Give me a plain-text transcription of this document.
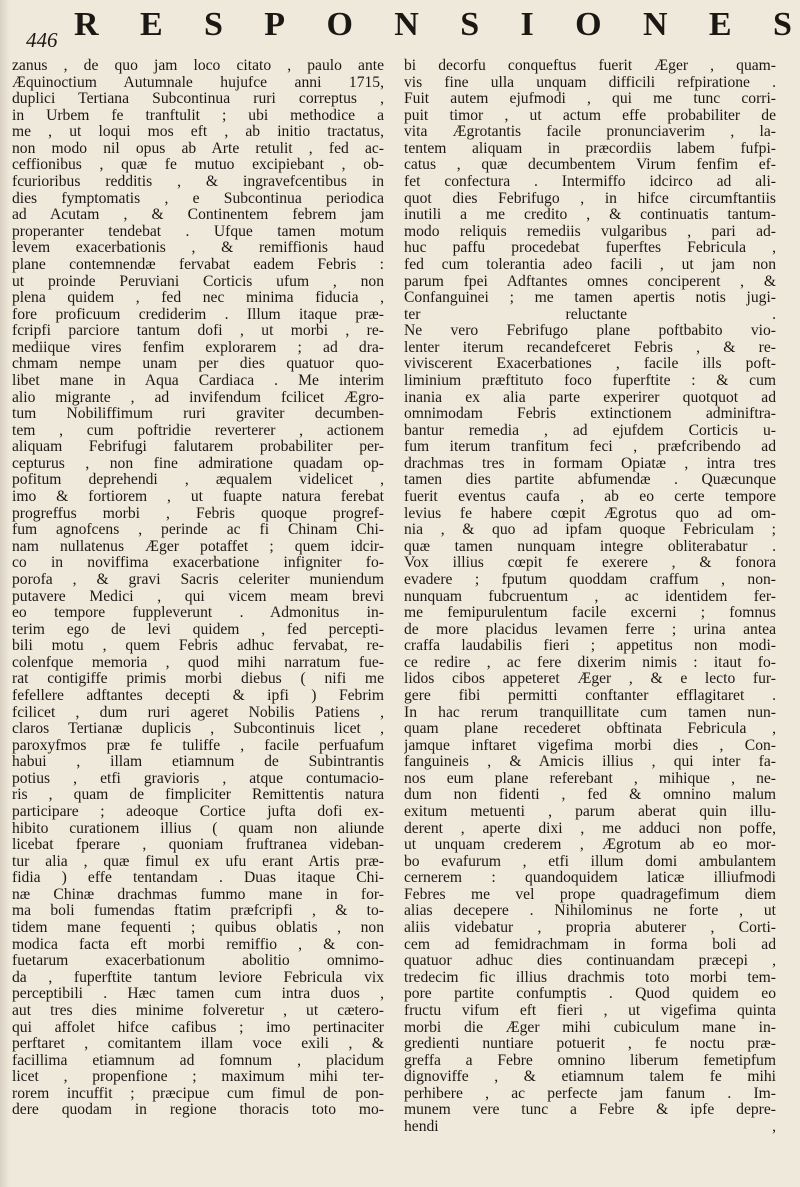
446 R E S P O N S I O N E S
zanus , de quo jam loco citato , paulo ante
Æquinoctium Autumnale hujufce anni 1715,
duplici Tertiana Subcontinua ruri correptus ,
in Urbem fe tranftulit ; ubi methodice a
me , ut loqui mos eft , ab initio tractatus,
non modo nil opus ab Arte retulit , fed ac-
ceffionibus , quæ fe mutuo excipiebant , ob-
fcurioribus redditis , & ingravefcentibus in
dies fymptomatis , e Subcontinua periodica
ad Acutam , & Continentem febrem jam
properanter tendebat . Ufque tamen motum
levem exacerbationis , & remiffionis haud
plane contemnendæ fervabat eadem Febris :
ut proinde Peruviani Corticis ufum , non
plena quidem , fed nec minima fiducia ,
fore proficuum crediderim . Illum itaque præ-
fcripfi parciore tantum dofi , ut morbi , re-
mediique vires fenfim explorarem ; ad dra-
chmam nempe unam per dies quatuor quo-
libet mane in Aqua Cardiaca . Me interim
alio migrante , ad invifendum fcilicet Ægro-
tum Nobiliffimum ruri graviter decumben-
tem , cum poftridie reverterer , actionem
aliquam Febrifugi falutarem probabiliter per-
cepturus , non fine admiratione quadam op-
pofitum deprehendi , æqualem videlicet ,
imo & fortiorem , ut fuapte natura ferebat
progreffus morbi , Febris quoque progref-
fum agnofcens , perinde ac fi Chinam Chi-
nam nullatenus Æger potaffet ; quem idcir-
co in noviffima exacerbatione infigniter fo-
porofa , & gravi Sacris celeriter muniendum
putavere Medici , qui vicem meam brevi
eo tempore fuppleverunt . Admonitus in-
terim ego de levi quidem , fed percepti-
bili motu , quem Febris adhuc fervabat, re-
colenfque memoria , quod mihi narratum fue-
rat contigiffe primis morbi diebus ( nifi me
fefellere adftantes decepti & ipfi ) Febrim
fcilicet , dum ruri ageret Nobilis Patiens ,
claros Tertianæ duplicis , Subcontinuis licet ,
paroxyfmos præ fe tuliffe , facile perfuafum
habui , illam etiamnum de Subintrantis
potius , etfi gravioris , atque contumacio-
ris , quam de fimpliciter Remittentis natura
participare ; adeoque Cortice jufta dofi ex-
hibito curationem illius ( quam non aliunde
licebat fperare , quoniam fruftranea videban-
tur alia , quæ fimul ex ufu erant Artis præ-
fidia ) effe tentandam . Duas itaque Chi-
næ Chinæ drachmas fummo mane in for-
ma boli fumendas ftatim præfcripfi , & to-
tidem mane fequenti ; quibus oblatis , non
modica facta eft morbi remiffio , & con-
fuetarum exacerbationum abolitio omnimo-
da , fuperftite tantum leviore Febricula vix
perceptibili . Hæc tamen cum intra duos ,
aut tres dies minime folveretur , ut cætero-
qui affolet hifce cafibus ; imo pertinaciter
perftaret , comitantem illam voce exili , &
facillima etiamnum ad fomnum , placidum
licet , propenfione ; maximum mihi ter-
rorem incuffit ; præcipue cum fimul de pon-
dere quodam in regione thoracis toto mo-
bi decorfu conqueftus fuerit Æger , quam-
vis fine ulla unquam difficili refpiratione .
Fuit autem ejufmodi , qui me tunc corri-
puit timor , ut actum effe probabiliter de
vita Ægrotantis facile pronunciaverim , la-
tentem aliquam in præcordiis labem fufpi-
catus , quæ decumbentem Virum fenfim ef-
fet confectura . Intermiffo idcirco ad ali-
quot dies Febrifugo , in hifce circumftantiis
inutili a me credito , & continuatis tantum-
modo reliquis remediis vulgaribus , pari ad-
huc paffu procedebat fuperftes Febricula ,
fed cum tolerantia adeo facili , ut jam non
parum fpei Adftantes omnes conciperent , &
Confanguinei ; me tamen apertis notis jugi-
ter reluctante .
Ne vero Febrifugo plane poftbabito vio-
lenter iterum recandefceret Febris , & re-
viviscerent Exacerbationes , facile ills poft-
liminium præftituto foco fuperftite : & cum
inania ex alia parte experirer quotquot ad
omnimodam Febris extinctionem adminiftra-
bantur remedia , ad ejufdem Corticis u-
fum iterum tranfitum feci , præfcribendo ad
drachmas tres in formam Opiatæ , intra tres
tamen dies partite abfumendæ . Quæcunque
fuerit eventus caufa , ab eo certe tempore
levius fe habere cœpit Ægrotus quo ad om-
nia , & quo ad ipfam quoque Febriculam ;
quæ tamen nunquam integre obliterabatur .
Vox illius cœpit fe exerere , & fonora
evadere ; fputum quoddam craffum , non-
nunquam fubcruentum , ac identidem fer-
me femipurulentum facile excerni ; fomnus
de more placidus levamen ferre ; urina antea
craffa laudabilis fieri ; appetitus non modi-
ce redire , ac fere dixerim nimis : itaut fo-
lidos cibos appeteret Æger , & e lecto fur-
gere fibi permitti conftanter efflagitaret .
In hac rerum tranquillitate cum tamen nun-
quam plane recederet obftinata Febricula ,
jamque inftaret vigefima morbi dies , Con-
fanguineis , & Amicis illius , qui inter fa-
nos eum plane referebant , mihique , ne-
dum non fidenti , fed & omnino malum
exitum metuenti , parum aberat quin illu-
derent , aperte dixi , me adduci non poffe,
ut unquam crederem , Ægrotum ab eo mor-
bo evafurum , etfi illum domi ambulantem
cernerem : quandoquidem laticæ illiufmodi
Febres me vel prope quadragefimum diem
alias decepere . Nihilominus ne forte , ut
aliis videbatur , propria abuterer , Corti-
cem ad femidrachmam in forma boli ad
quatuor adhuc dies continuandam præcepi ,
tredecim fic illius drachmis toto morbi tem-
pore partite confumptis . Quod quidem eo
fructu vifum eft fieri , ut vigefima quinta
morbi die Æger mihi cubiculum mane in-
gredienti nuntiare potuerit , fe noctu præ-
greffa a Febre omnino liberum femetipfum
dignoviffe , & etiamnum talem fe mihi
perhibere , ac perfecte jam fanum . Im-
munem vere tunc a Febre & ipfe depre-
hendi ,
